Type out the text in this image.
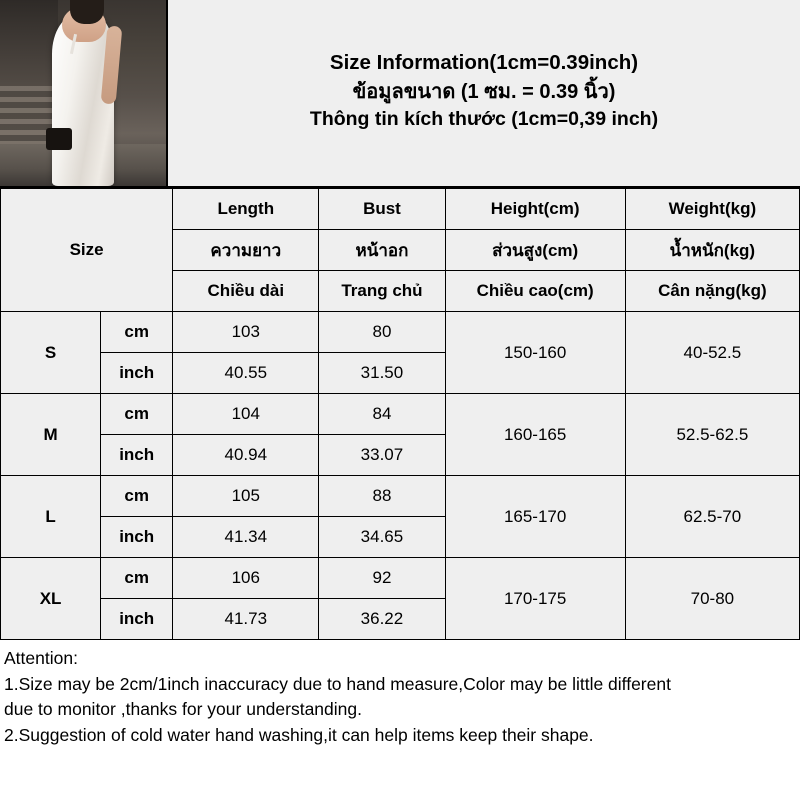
Size Information(1cm=0.39inch)
ข้อมูลขนาด (1 ซม. = 0.39 นิ้ว)
Thông tin kích thước (1cm=0,39 inch)
Size		Length	Bust	Height(cm)	Weight(kg)
		ความยาว	หน้าอก	ส่วนสูง(cm)	น้ำหนัก(kg)
		Chiều dài	Trang chủ	Chiều cao(cm)	Cân nặng(kg)
S	cm	103	80	150-160	40-52.5
	inch	40.55	31.50		
M	cm	104	84	160-165	52.5-62.5
	inch	40.94	33.07		
L	cm	105	88	165-170	62.5-70
	inch	41.34	34.65		
XL	cm	106	92	170-175	70-80
	inch	41.73	36.22		
Attention:
1.Size may be 2cm/1inch inaccuracy due to hand measure,Color may be little different
due to monitor ,thanks for your understanding.
2.Suggestion of cold water hand washing,it can help items keep their shape.
